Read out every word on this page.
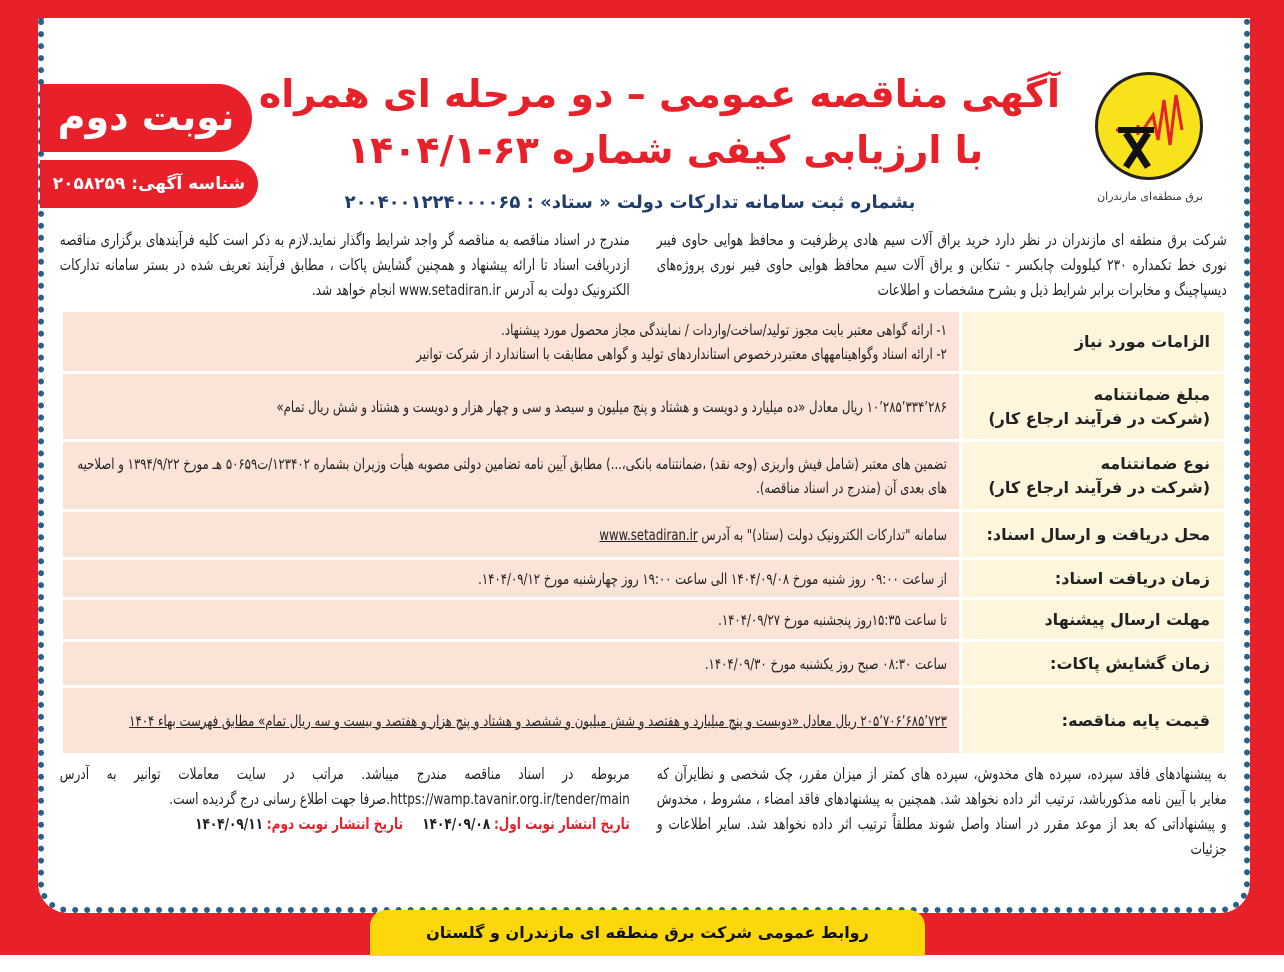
برق منطقه‌ای مازندران
آگهی مناقصه عمومی – دو مرحله ای همراه
با ارزیابی کیفی شماره ۶۳-۱۴۰۴/۱
بشماره ثبت سامانه تدارکات دولت « ستاد» : ۲۰۰۴۰۰۱۲۲۴۰۰۰۰۶۵
نوبت دوم
شناسه آگهی: ۲۰۵۸۲۵۹
شرکت برق منطقه ای مازندران در نظر دارد خرید یراق آلات سیم هادی پرظرفیت و محافظ هوایی حاوی فیبر نوری خط تکمداره ۲۳۰ کیلوولت چابکسر - تنکابن و یراق آلات سیم محافظ هوایی حاوی فیبر نوری پروژه‌های دیسپاچینگ و مخابرات برابر شرایط ذیل و بشرح مشخصات و اطلاعات
مندرج در اسناد مناقصه به مناقصه گر واجد شرایط واگذار نماید.لازم به ذکر است کلیه فرآیندهای برگزاری مناقصه ازدریافت اسناد تا ارائه پیشنهاد و همچنین گشایش پاکات ، مطابق فرآیند تعریف شده در بستر سامانه تدارکات الکترونیک دولت به آدرس www.setadiran.ir انجام خواهد شد.
الزامات مورد نیاز	۱- ارائه گواهی معتبر بابت مجوز تولید/ساخت/واردات / نمایندگی مجاز محصول مورد پیشنهاد.
۲- ارائه اسناد وگواهینامههای معتبردرخصوص استانداردهای تولید و گواهی مطابقت با استاندارد از شرکت توانیر

مبلغ ضمانتنامه
(شرکت در فرآیند ارجاع کار)	۱۰٬۲۸۵٬۳۳۴٬۲۸۶ ریال معادل «ده میلیارد و دویست و هشتاد و پنج میلیون و سیصد و سی و چهار هزار و دویست و هشتاد و شش ریال تمام»

نوع ضمانتنامه
(شرکت در فرآیند ارجاع کار)	تضمین های معتبر (شامل فیش واریزی (وجه نقد) ،ضمانتنامه بانکی،...) مطابق آیین نامه تضامین دولتی مصوبه هیأت وزیران بشماره ۱۲۳۴۰۲/ت۵۰۶۵۹ هـ مورخ ۱۳۹۴/۹/۲۲ و اصلاحیه های بعدی آن (مندرج در اسناد مناقصه).

محل دریافت و ارسال اسناد:	سامانه "تدارکات الکترونیک دولت (ستاد)" به آدرس www.setadiran.ir

زمان دریافت اسناد:	از ساعت ۰۹:۰۰ روز شنبه مورخ ۱۴۰۴/۰۹/۰۸ الی ساعت ۱۹:۰۰ روز چهارشنبه مورخ ۱۴۰۴/۰۹/۱۲.

مهلت ارسال پیشنهاد	تا ساعت ۱۵:۳۵روز پنجشنبه مورخ ۱۴۰۴/۰۹/۲۷.

زمان گشایش پاکات:	ساعت ۰۸:۳۰ صبح روز یکشنبه مورخ ۱۴۰۴/۰۹/۳۰.

قیمت پایه مناقصه:	۲۰۵٬۷۰۶٬۶۸۵٬۷۲۳ ریال معادل «دویست و پنج میلیارد و هفتصد و شش میلیون و ششصد و هشتاد و پنج هزار و هفتصد و بیست و سه ریال تمام» مطابق فهرست بهاء ۱۴۰۴
به پیشنهادهای فاقد سپرده، سپرده های مخدوش، سپرده های کمتر از میزان مقرر، چک شخصی و نظایرآن که مغایر با آیین نامه مذکورباشد، ترتیب اثر داده نخواهد شد. همچنین به پیشنهادهای فاقد امضاء ، مشروط ، مخدوش و پیشنهاداتی که بعد از موعد مقرر در اسناد واصل شوند مطلقاً ترتیب اثر داده نخواهد شد. سایر اطلاعات و جزئیات
مربوطه در اسناد مناقصه مندرج میباشد. مراتب در سایت معاملات توانیر به آدرس https://wamp.tavanir.org.ir/tender/main.صرفا جهت اطلاع رسانی درج گردیده است.
تاریخ انتشار نوبت اول: ۱۴۰۴/۰۹/۰۸     تاریخ انتشار نوبت دوم: ۱۴۰۴/۰۹/۱۱
روابط عمومی شرکت برق منطقه ای مازندران و گلستان
